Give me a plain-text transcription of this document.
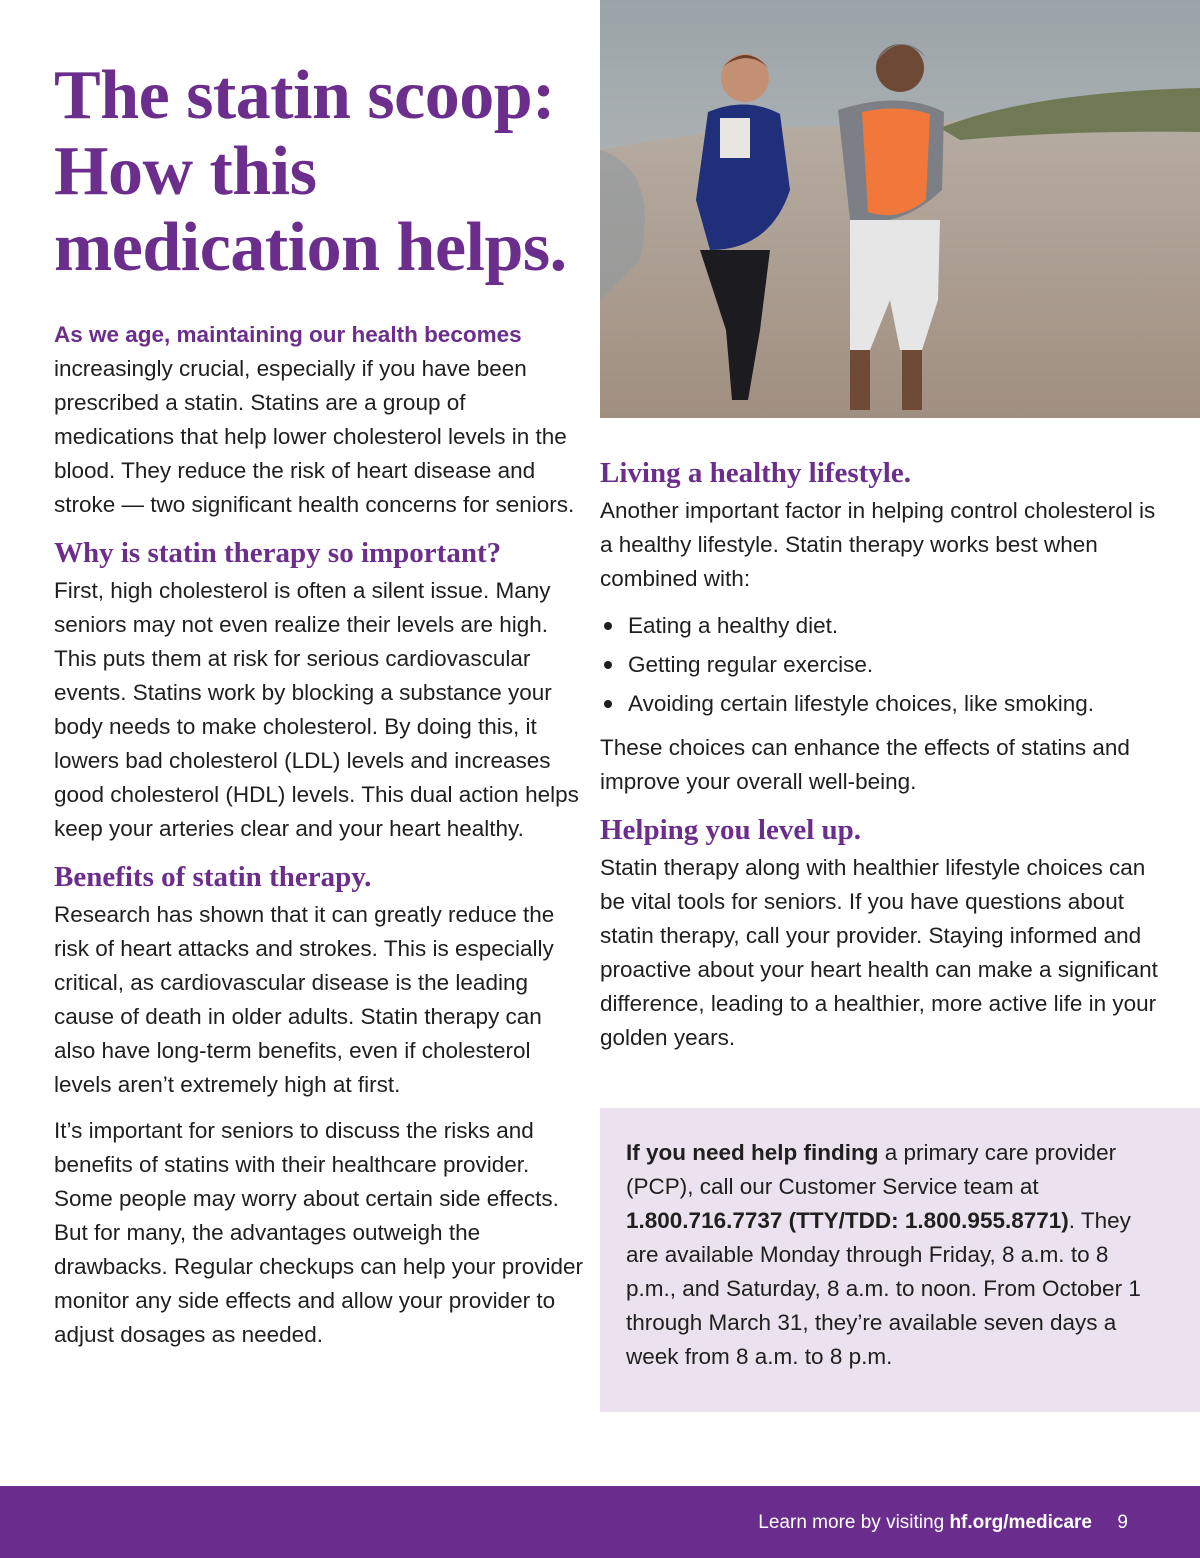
The statin scoop:
How this
medication helps.

As we age, maintaining our health becomes increasingly crucial, especially if you have been prescribed a statin. Statins are a group of medications that help lower cholesterol levels in the blood. They reduce the risk of heart disease and stroke — two significant health concerns for seniors.

Why is statin therapy so important?

First, high cholesterol is often a silent issue. Many seniors may not even realize their levels are high. This puts them at risk for serious cardiovascular events. Statins work by blocking a substance your body needs to make cholesterol. By doing this, it lowers bad cholesterol (LDL) levels and increases good cholesterol (HDL) levels. This dual action helps keep your arteries clear and your heart healthy.

Benefits of statin therapy.

Research has shown that it can greatly reduce the risk of heart attacks and strokes. This is especially critical, as cardiovascular disease is the leading cause of death in older adults. Statin therapy can also have long-term benefits, even if cholesterol levels aren’t extremely high at first.

It’s important for seniors to discuss the risks and benefits of statins with their healthcare provider. Some people may worry about certain side effects. But for many, the advantages outweigh the drawbacks. Regular checkups can help your provider monitor any side effects and allow your provider to adjust dosages as needed.

Living a healthy lifestyle.

Another important factor in helping control cholesterol is a healthy lifestyle. Statin therapy works best when combined with:

Eating a healthy diet.
Getting regular exercise.
Avoiding certain lifestyle choices, like smoking.

These choices can enhance the effects of statins and improve your overall well-being.

Helping you level up.

Statin therapy along with healthier lifestyle choices can be vital tools for seniors. If you have questions about statin therapy, call your provider. Staying informed and proactive about your heart health can make a significant difference, leading to a healthier, more active life in your golden years.

If you need help finding a primary care provider (PCP), call our Customer Service team at 1.800.716.7737 (TTY/TDD: 1.800.955.8771). They are available Monday through Friday, 8 a.m. to 8 p.m., and Saturday, 8 a.m. to noon. From October 1 through March 31, they’re available seven days a week from 8 a.m. to 8 p.m.

Learn more by visiting hf.org/medicare 9
